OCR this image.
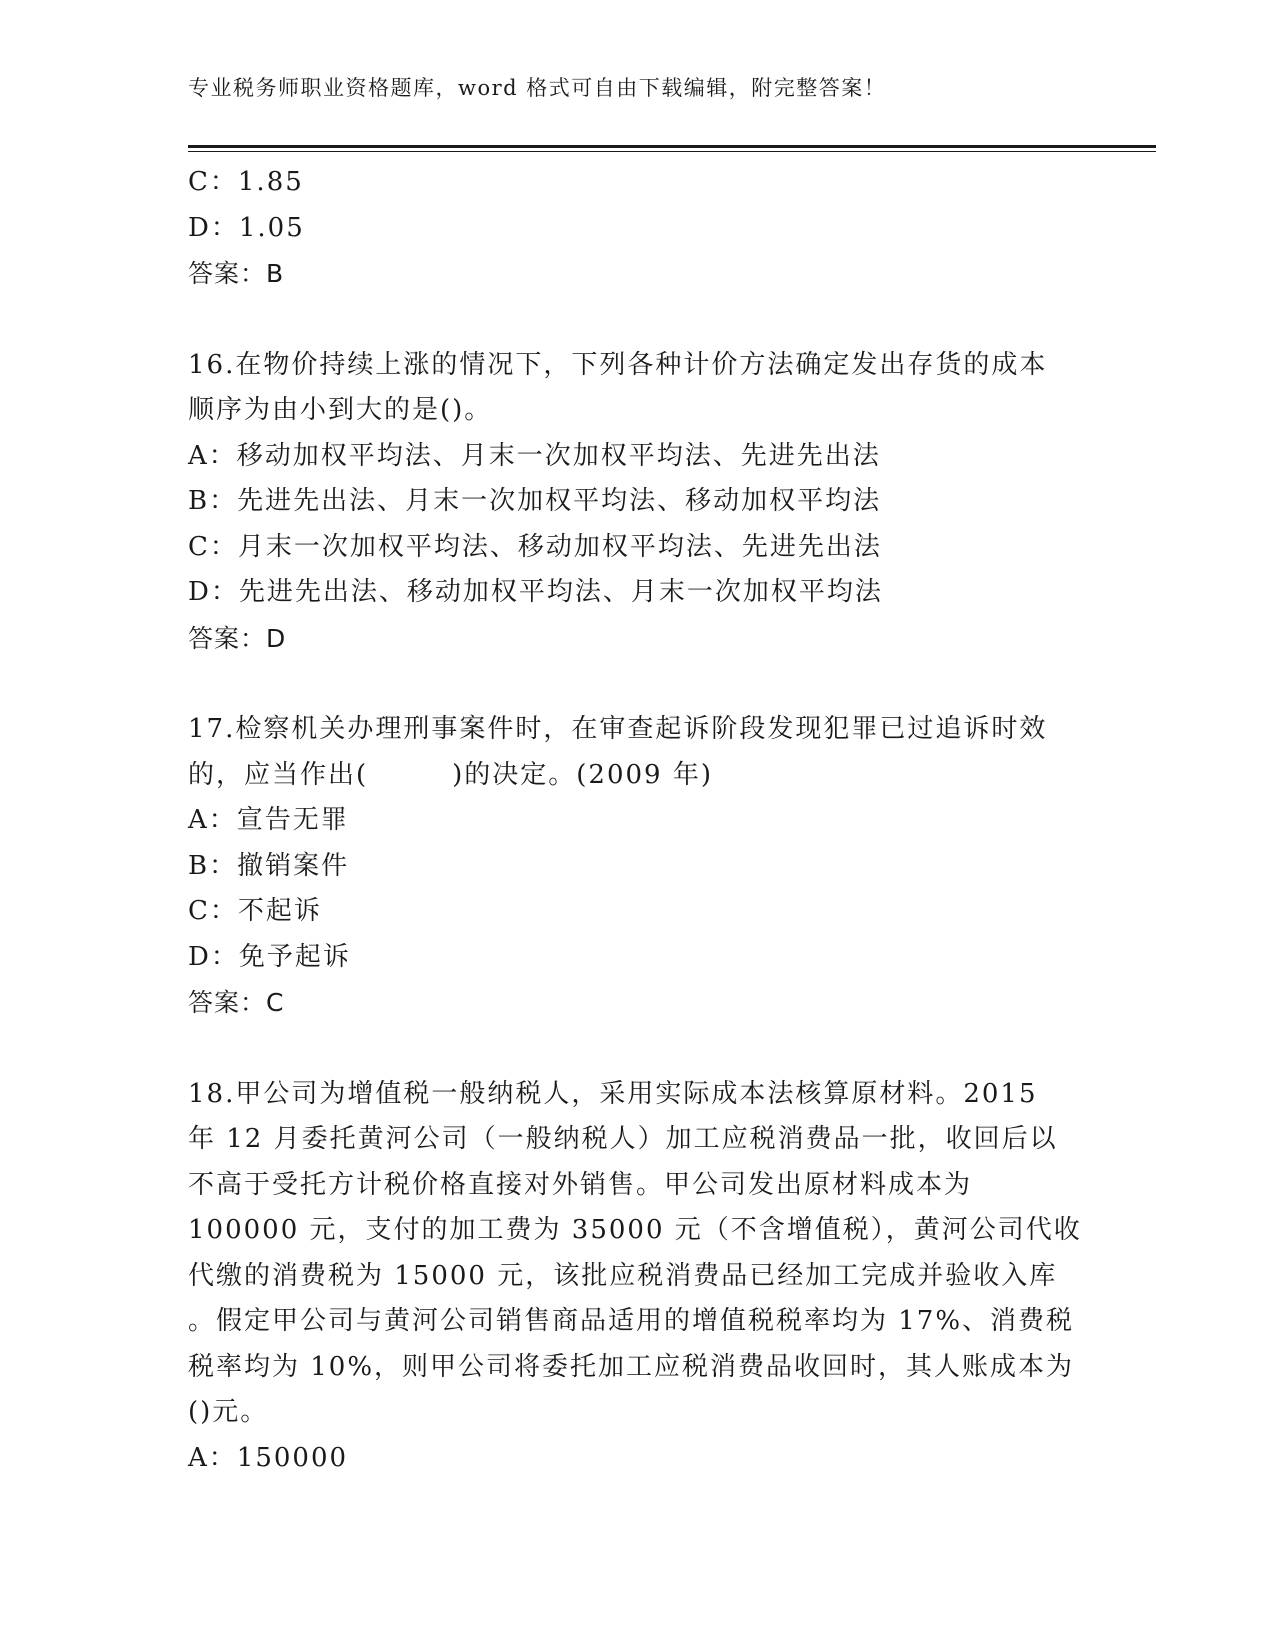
专业税务师职业资格题库，word 格式可自由下载编辑，附完整答案！
C：1.85
D：1.05
答案：B
16.在物价持续上涨的情况下，下列各种计价方法确定发出存货的成本
顺序为由小到大的是()。
A：移动加权平均法、月末一次加权平均法、先进先出法
B：先进先出法、月末一次加权平均法、移动加权平均法
C：月末一次加权平均法、移动加权平均法、先进先出法
D：先进先出法、移动加权平均法、月末一次加权平均法
答案：D
17.检察机关办理刑事案件时，在审查起诉阶段发现犯罪已过追诉时效
的，应当作出(　　　)的决定。(2009 年)
A：宣告无罪
B：撤销案件
C：不起诉
D：免予起诉
答案：C
18.甲公司为增值税一般纳税人，采用实际成本法核算原材料。2015
年 12 月委托黄河公司（一般纳税人）加工应税消费品一批，收回后以
不高于受托方计税价格直接对外销售。甲公司发出原材料成本为
100000 元，支付的加工费为 35000 元（不含增值税），黄河公司代收
代缴的消费税为 15000 元，该批应税消费品已经加工完成并验收入库
。假定甲公司与黄河公司销售商品适用的增值税税率均为 17%、消费税
税率均为 10%，则甲公司将委托加工应税消费品收回时，其人账成本为
()元。
A：150000
